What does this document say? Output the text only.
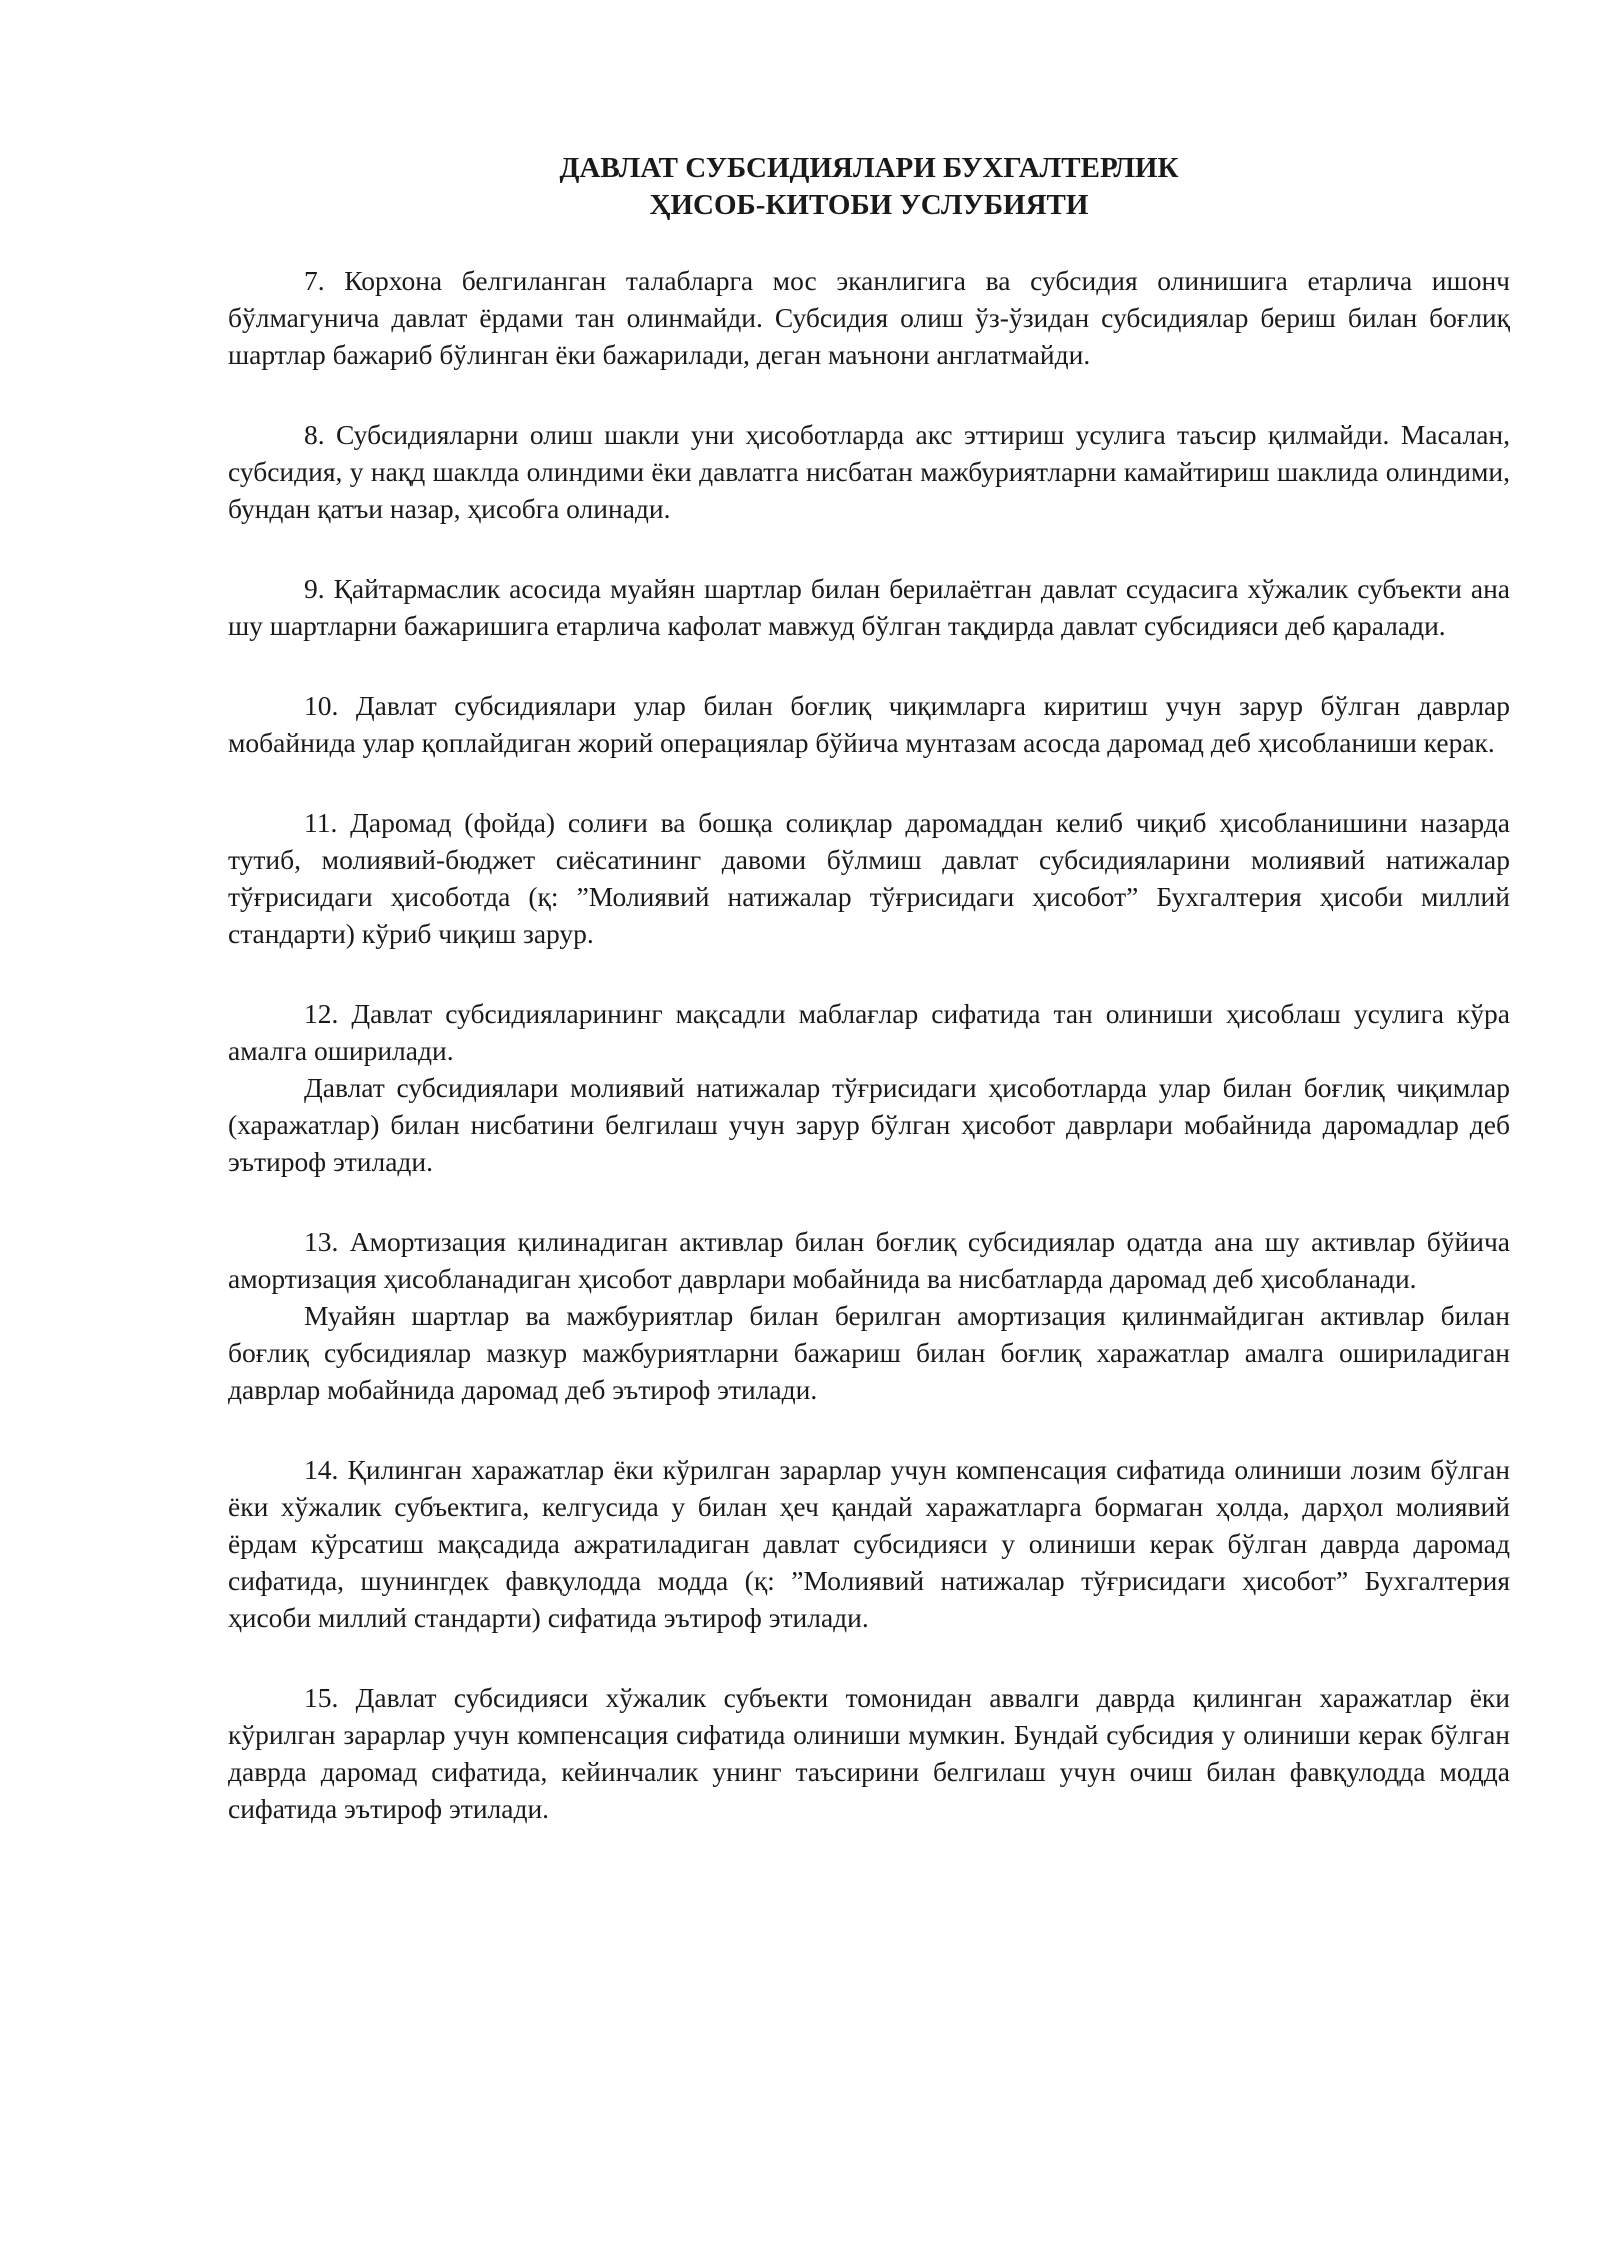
ДАВЛАТ СУБСИДИЯЛАРИ БУХГАЛТЕРЛИК
ҲИСОБ-КИТОБИ УСЛУБИЯТИ

7. Корхона белгиланган талабларга мос эканлигига ва субсидия олинишига етарлича ишонч бўлмагунича давлат ёрдами тан олинмайди. Субсидия олиш ўз-ўзидан субсидиялар бериш билан боғлиқ шартлар бажариб бўлинган ёки бажарилади, деган маънони англатмайди.

8. Субсидияларни олиш шакли уни ҳисоботларда акс эттириш усулига таъсир қилмайди. Масалан, субсидия, у нақд шаклда олиндими ёки давлатга нисбатан мажбуриятларни камайтириш шаклида олиндими, бундан қатъи назар, ҳисобга олинади.

9. Қайтармаслик асосида муайян шартлар билан берилаётган давлат ссудасига хўжалик субъекти ана шу шартларни бажаришига етарлича кафолат мавжуд бўлган тақдирда давлат субсидияси деб қаралади.

10. Давлат субсидиялари улар билан боғлиқ чиқимларга киритиш учун зарур бўлган даврлар мобайнида улар қоплайдиган жорий операциялар бўйича мунтазам асосда даромад деб ҳисобланиши керак.

11. Даромад (фойда) солиғи ва бошқа солиқлар даромаддан келиб чиқиб ҳисобланишини назарда тутиб, молиявий-бюджет сиёсатининг давоми бўлмиш давлат субсидияларини молиявий натижалар тўғрисидаги ҳисоботда (қ: ”Молиявий натижалар тўғрисидаги ҳисобот” Бухгалтерия ҳисоби миллий стандарти) кўриб чиқиш зарур.

12. Давлат субсидияларининг мақсадли маблағлар сифатида тан олиниши ҳисоблаш усулига кўра амалга оширилади.

Давлат субсидиялари молиявий натижалар тўғрисидаги ҳисоботларда улар билан боғлиқ чиқимлар (харажатлар) билан нисбатини белгилаш учун зарур бўлган ҳисобот даврлари мобайнида даромадлар деб эътироф этилади.

13. Амортизация қилинадиган активлар билан боғлиқ субсидиялар одатда ана шу активлар бўйича амортизация ҳисобланадиган ҳисобот даврлари мобайнида ва нисбатларда даромад деб ҳисобланади.

Муайян шартлар ва мажбуриятлар билан берилган амортизация қилинмайдиган активлар билан боғлиқ субсидиялар мазкур мажбуриятларни бажариш билан боғлиқ харажатлар амалга ошириладиган даврлар мобайнида даромад деб эътироф этилади.

14. Қилинган харажатлар ёки кўрилган зарарлар учун компенсация сифатида олиниши лозим бўлган ёки хўжалик субъектига, келгусида у билан ҳеч қандай харажатларга бормаган ҳолда, дарҳол молиявий ёрдам кўрсатиш мақсадида ажратиладиган давлат субсидияси у олиниши керак бўлган даврда даромад сифатида, шунингдек фавқулодда модда (қ: ”Молиявий натижалар тўғрисидаги ҳисобот” Бухгалтерия ҳисоби миллий стандарти) сифатида эътироф этилади.

15. Давлат субсидияси хўжалик субъекти томонидан аввалги даврда қилинган харажатлар ёки кўрилган зарарлар учун компенсация сифатида олиниши мумкин. Бундай субсидия у олиниши керак бўлган даврда даромад сифатида, кейинчалик унинг таъсирини белгилаш учун очиш билан фавқулодда модда сифатида эътироф этилади.
